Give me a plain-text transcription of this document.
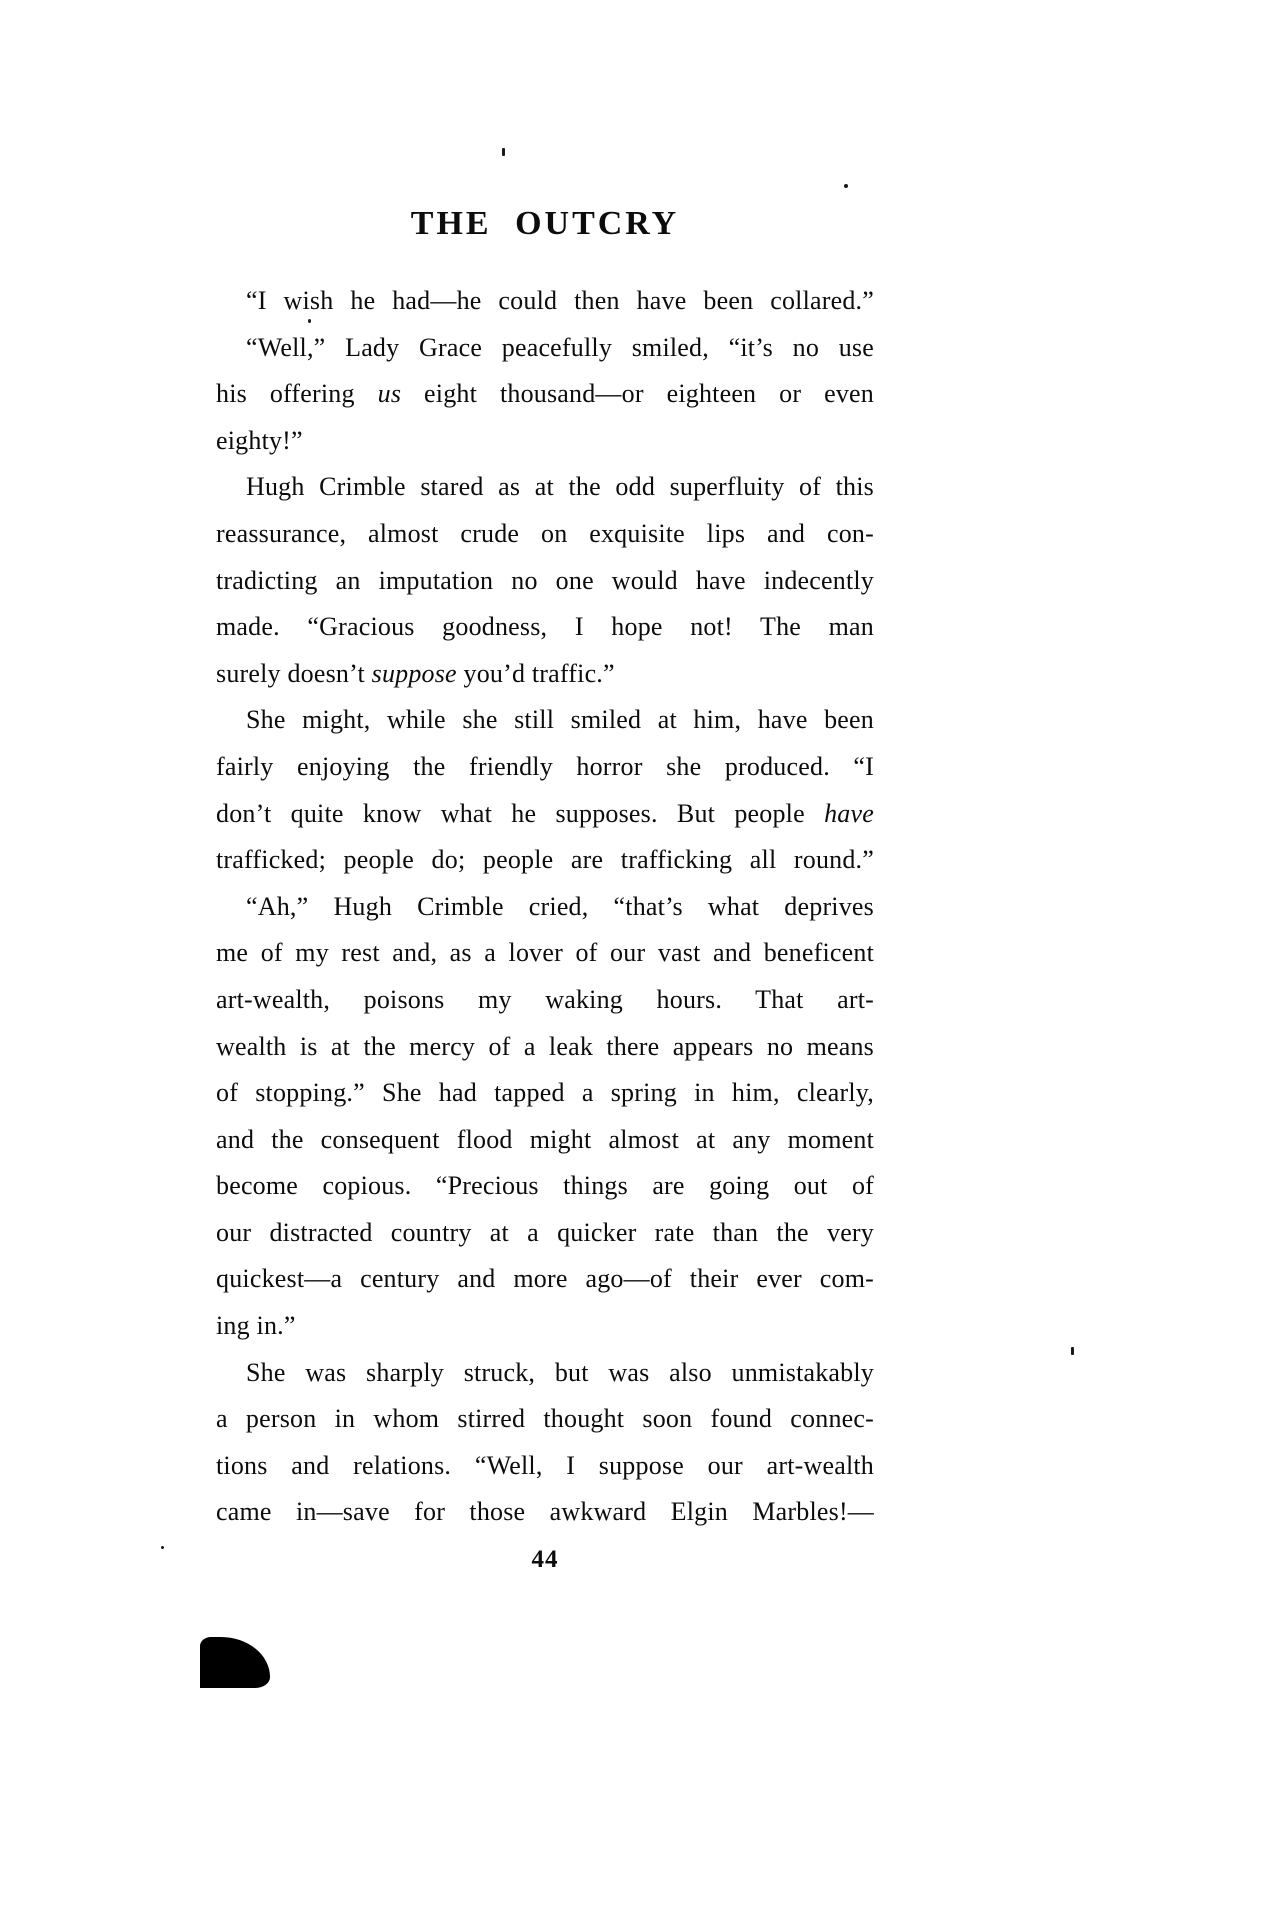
THE OUTCRY
“I wish he had—he could then have been collared.”
“Well,” Lady Grace peacefully smiled, “it’s no use
his offering us eight thousand—or eighteen or even
eighty!”
Hugh Crimble stared as at the odd superfluity of this
reassurance, almost crude on exquisite lips and con-
tradicting an imputation no one would have indecently
made. “Gracious goodness, I hope not! The man
surely doesn’t suppose you’d traffic.”
She might, while she still smiled at him, have been
fairly enjoying the friendly horror she produced. “I
don’t quite know what he supposes. But people have
trafficked; people do; people are trafficking all round.”
“Ah,” Hugh Crimble cried, “that’s what deprives
me of my rest and, as a lover of our vast and beneficent
art-wealth, poisons my waking hours. That art-
wealth is at the mercy of a leak there appears no means
of stopping.” She had tapped a spring in him, clearly,
and the consequent flood might almost at any moment
become copious. “Precious things are going out of
our distracted country at a quicker rate than the very
quickest—a century and more ago—of their ever com-
ing in.”
She was sharply struck, but was also unmistakably
a person in whom stirred thought soon found connec-
tions and relations. “Well, I suppose our art-wealth
came in—save for those awkward Elgin Marbles!—
44
